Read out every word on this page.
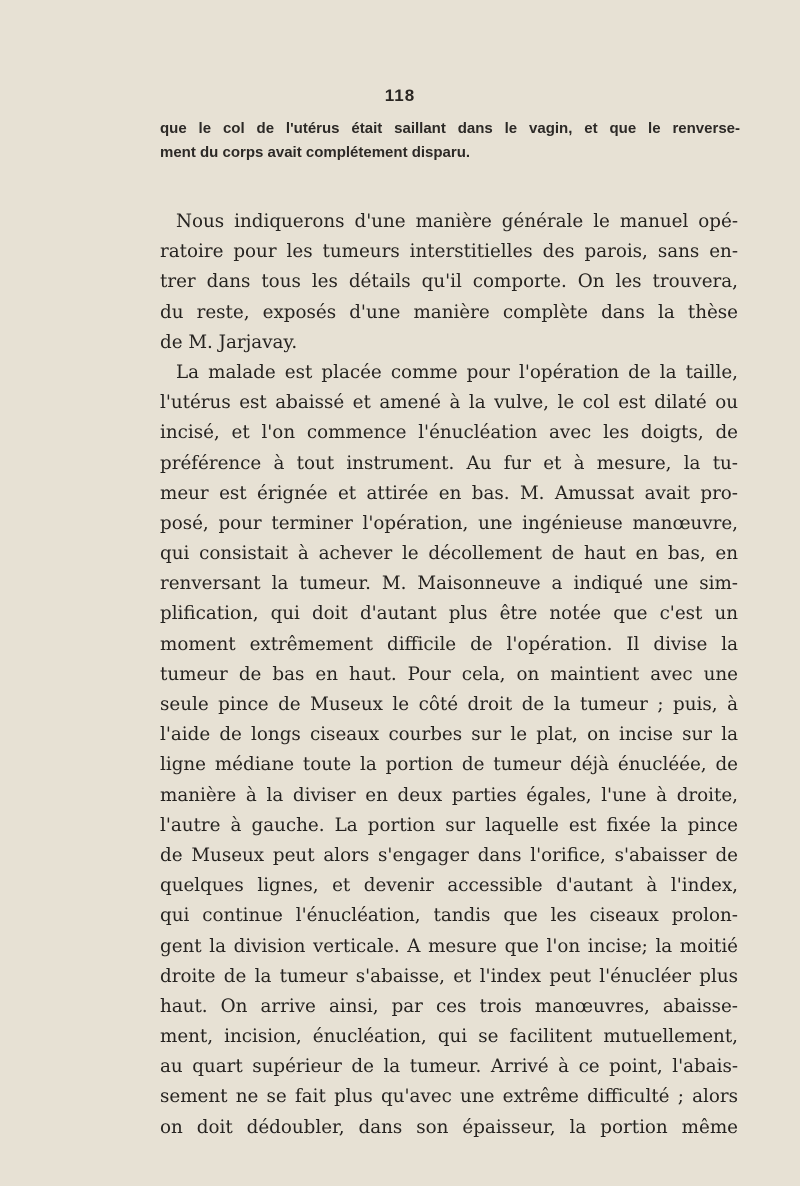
118
que le col de l'utérus était saillant dans le vagin, et que le renverse-
ment du corps avait complétement disparu.
Nous indiquerons d'une manière générale le manuel opé-
ratoire pour les tumeurs interstitielles des parois, sans en-
trer dans tous les détails qu'il comporte. On les trouvera,
du reste, exposés d'une manière complète dans la thèse
de M. Jarjavay.
La malade est placée comme pour l'opération de la taille,
l'utérus est abaissé et amené à la vulve, le col est dilaté ou
incisé, et l'on commence l'énucléation avec les doigts, de
préférence à tout instrument. Au fur et à mesure, la tu-
meur est érignée et attirée en bas. M. Amussat avait pro-
posé, pour terminer l'opération, une ingénieuse manœuvre,
qui consistait à achever le décollement de haut en bas, en
renversant la tumeur. M. Maisonneuve a indiqué une sim-
plification, qui doit d'autant plus être notée que c'est un
moment extrêmement difficile de l'opération. Il divise la
tumeur de bas en haut. Pour cela, on maintient avec une
seule pince de Museux le côté droit de la tumeur ; puis, à
l'aide de longs ciseaux courbes sur le plat, on incise sur la
ligne médiane toute la portion de tumeur déjà énucléée, de
manière à la diviser en deux parties égales, l'une à droite,
l'autre à gauche. La portion sur laquelle est fixée la pince
de Museux peut alors s'engager dans l'orifice, s'abaisser de
quelques lignes, et devenir accessible d'autant à l'index,
qui continue l'énucléation, tandis que les ciseaux prolon-
gent la division verticale. A mesure que l'on incise; la moitié
droite de la tumeur s'abaisse, et l'index peut l'énucléer plus
haut. On arrive ainsi, par ces trois manœuvres, abaisse-
ment, incision, énucléation, qui se facilitent mutuellement,
au quart supérieur de la tumeur. Arrivé à ce point, l'abais-
sement ne se fait plus qu'avec une extrême difficulté ; alors
on doit dédoubler, dans son épaisseur, la portion même
